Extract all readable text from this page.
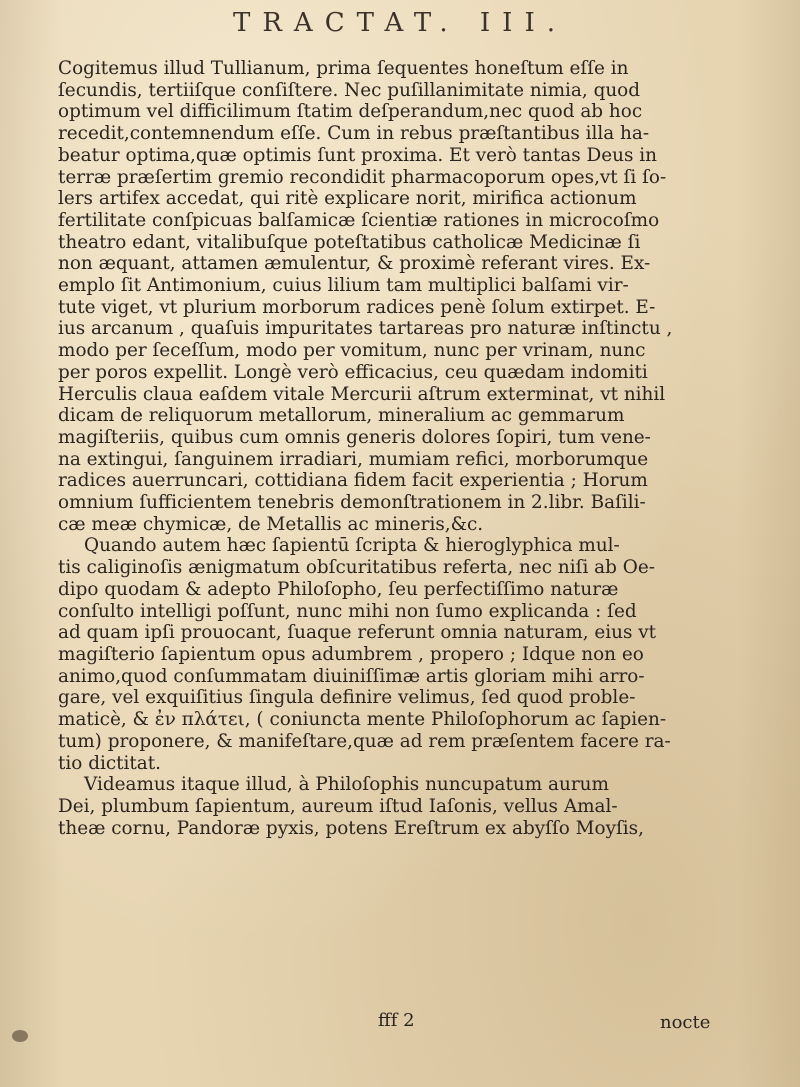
TRACTAT. III.
Cogitemus illud Tullianum, prima ſequentes honeſtum eſſe in
ſecundis, tertiiſque conſiſtere. Nec puſillanimitate nimia, quod
optimum vel difficilimum ſtatim deſperandum,nec quod ab hoc
recedit,contemnendum eſſe. Cum in rebus præſtantibus illa ha-
beatur optima,quæ optimis ſunt proxima. Et verò tantas Deus in
terræ præſertim gremio recondidit pharmacoporum opes,vt ſi ſo-
lers artifex accedat, qui ritè explicare norit, mirifica actionum
fertilitate conſpicuas balſamicæ ſcientiæ rationes in microcoſmo
theatro edant, vitalibuſque poteſtatibus catholicæ Medicinæ ſi
non æquant, attamen æmulentur, & proximè referant vires. Ex-
emplo ſit Antimonium, cuius lilium tam multiplici balſami vir-
tute viget, vt plurium morborum radices penè ſolum extirpet. E-
ius arcanum , quaſuis impuritates tartareas pro naturæ inſtinctu ,
modo per ſeceſſum, modo per vomitum, nunc per vrinam, nunc
per poros expellit. Longè verò efficacius, ceu quædam indomiti
Herculis claua eaſdem vitale Mercurii aſtrum exterminat, vt nihil
dicam de reliquorum metallorum, mineralium ac gemmarum
magiſteriis, quibus cum omnis generis dolores ſopiri, tum vene-
na extingui, ſanguinem irradiari, mumiam refici, morborumque
radices auerruncari, cottidiana fidem facit experientia ; Horum
omnium ſufficientem tenebris demonſtrationem in 2.libr. Baſili-
cæ meæ chymicæ, de Metallis ac mineris,&c.
Quando autem hæc ſapientū ſcripta & hieroglyphica mul-
tis caliginoſis ænigmatum obſcuritatibus referta, nec niſi ab Oe-
dipo quodam & adepto Philoſopho, ſeu perfectiſſimo naturæ
conſulto intelligi poſſunt, nunc mihi non ſumo explicanda : ſed
ad quam ipſi prouocant, ſuaque referunt omnia naturam, eius vt
magiſterio ſapientum opus adumbrem , propero ; Idque non eo
animo,quod conſummatam diuiniſſimæ artis gloriam mihi arro-
gare, vel exquiſitius ſingula definire velimus, ſed quod proble-
maticè, & ἐν πλάτει, ( coniuncta mente Philoſophorum ac ſapien-
tum) proponere, & manifeſtare,quæ ad rem præſentem facere ra-
tio dictitat.
Videamus itaque illud, à Philoſophis nuncupatum aurum
Dei, plumbum ſapientum, aureum iſtud Iaſonis, vellus Amal-
theæ cornu, Pandoræ pyxis, potens Ereſtrum ex abyſſo Moyſis,
fff 2	nocte
